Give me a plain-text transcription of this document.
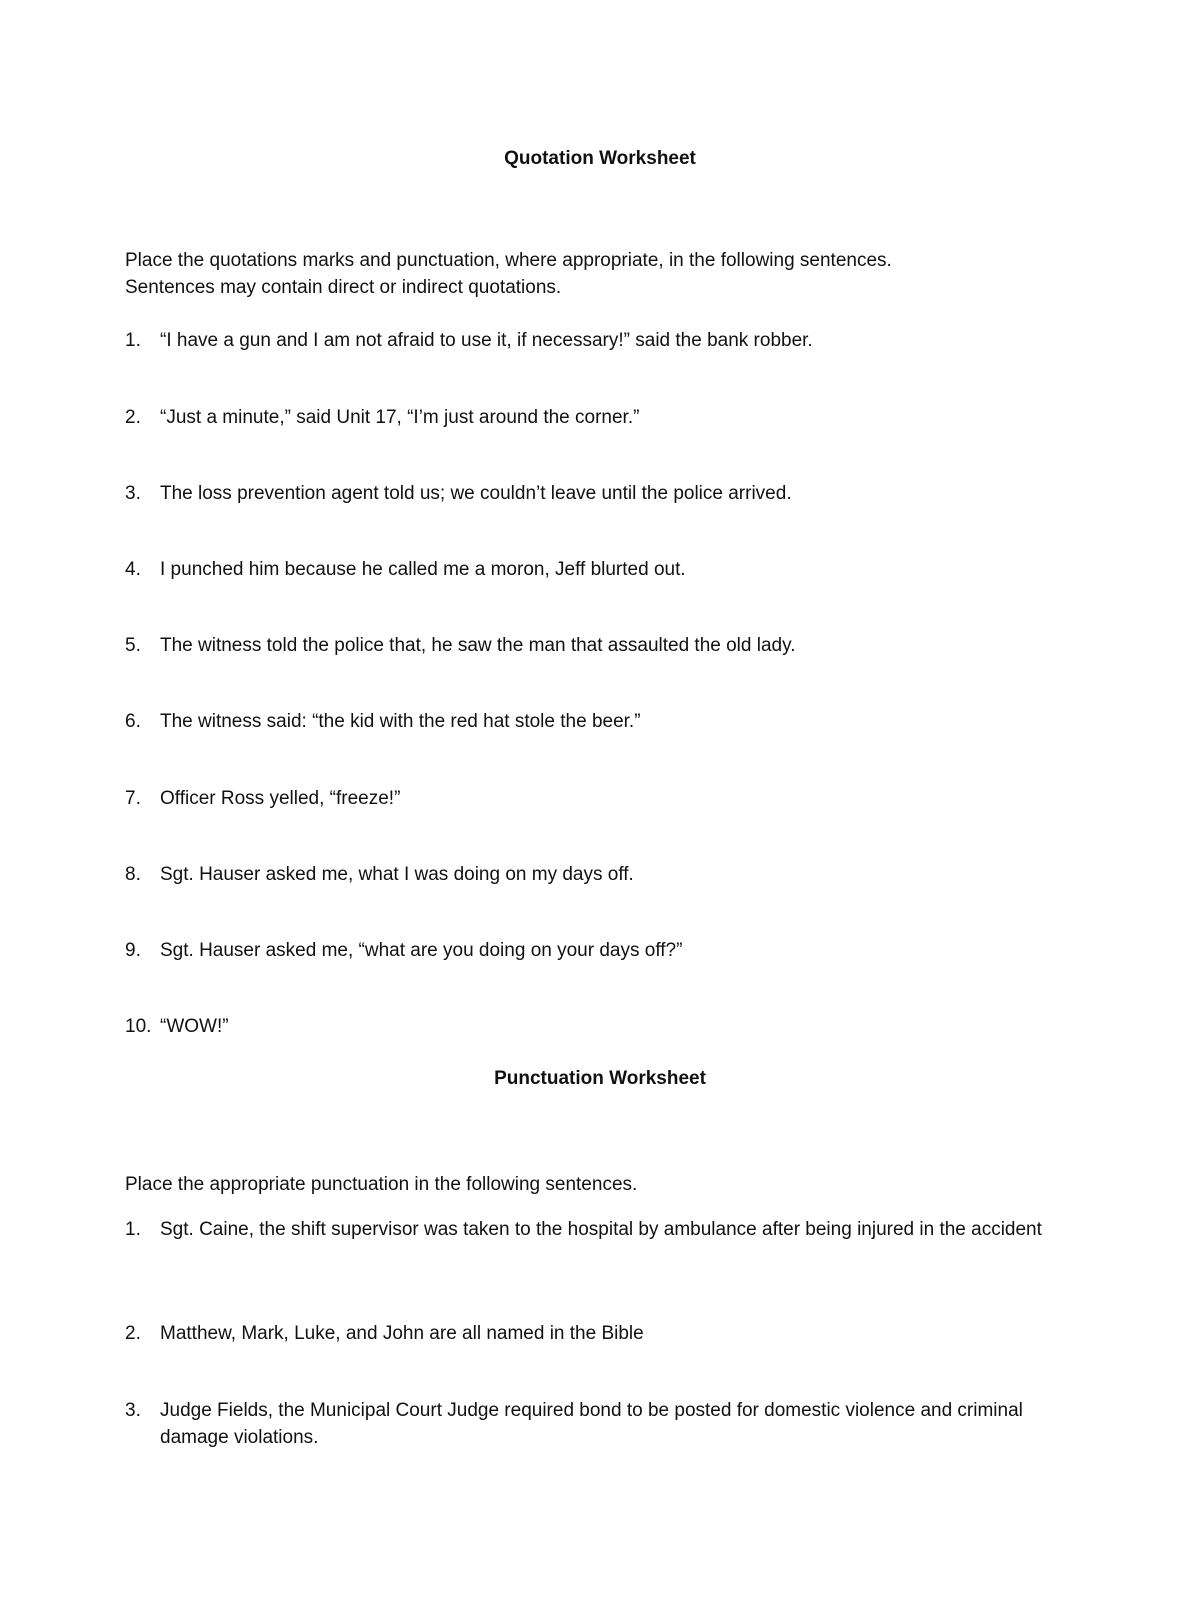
Quotation Worksheet
Place the quotations marks and punctuation, where appropriate, in the following sentences.
Sentences may contain direct or indirect quotations.
1. “I have a gun and I am not afraid to use it, if necessary!” said the bank robber.
2. “Just a minute,” said Unit 17, “I’m just around the corner.”
3. The loss prevention agent told us; we couldn’t leave until the police arrived.
4. I punched him because he called me a moron, Jeff blurted out.
5. The witness told the police that, he saw the man that assaulted the old lady.
6. The witness said: “the kid with the red hat stole the beer.”
7. Officer Ross yelled, “freeze!”
8. Sgt. Hauser asked me, what I was doing on my days off.
9. Sgt. Hauser asked me, “what are you doing on your days off?”
10. “WOW!”
Punctuation Worksheet
Place the appropriate punctuation in the following sentences.
1. Sgt. Caine, the shift supervisor was taken to the hospital by ambulance after being injured in the accident
2. Matthew, Mark, Luke, and John are all named in the Bible
3. Judge Fields, the Municipal Court Judge required bond to be posted for domestic violence and criminal damage violations.
